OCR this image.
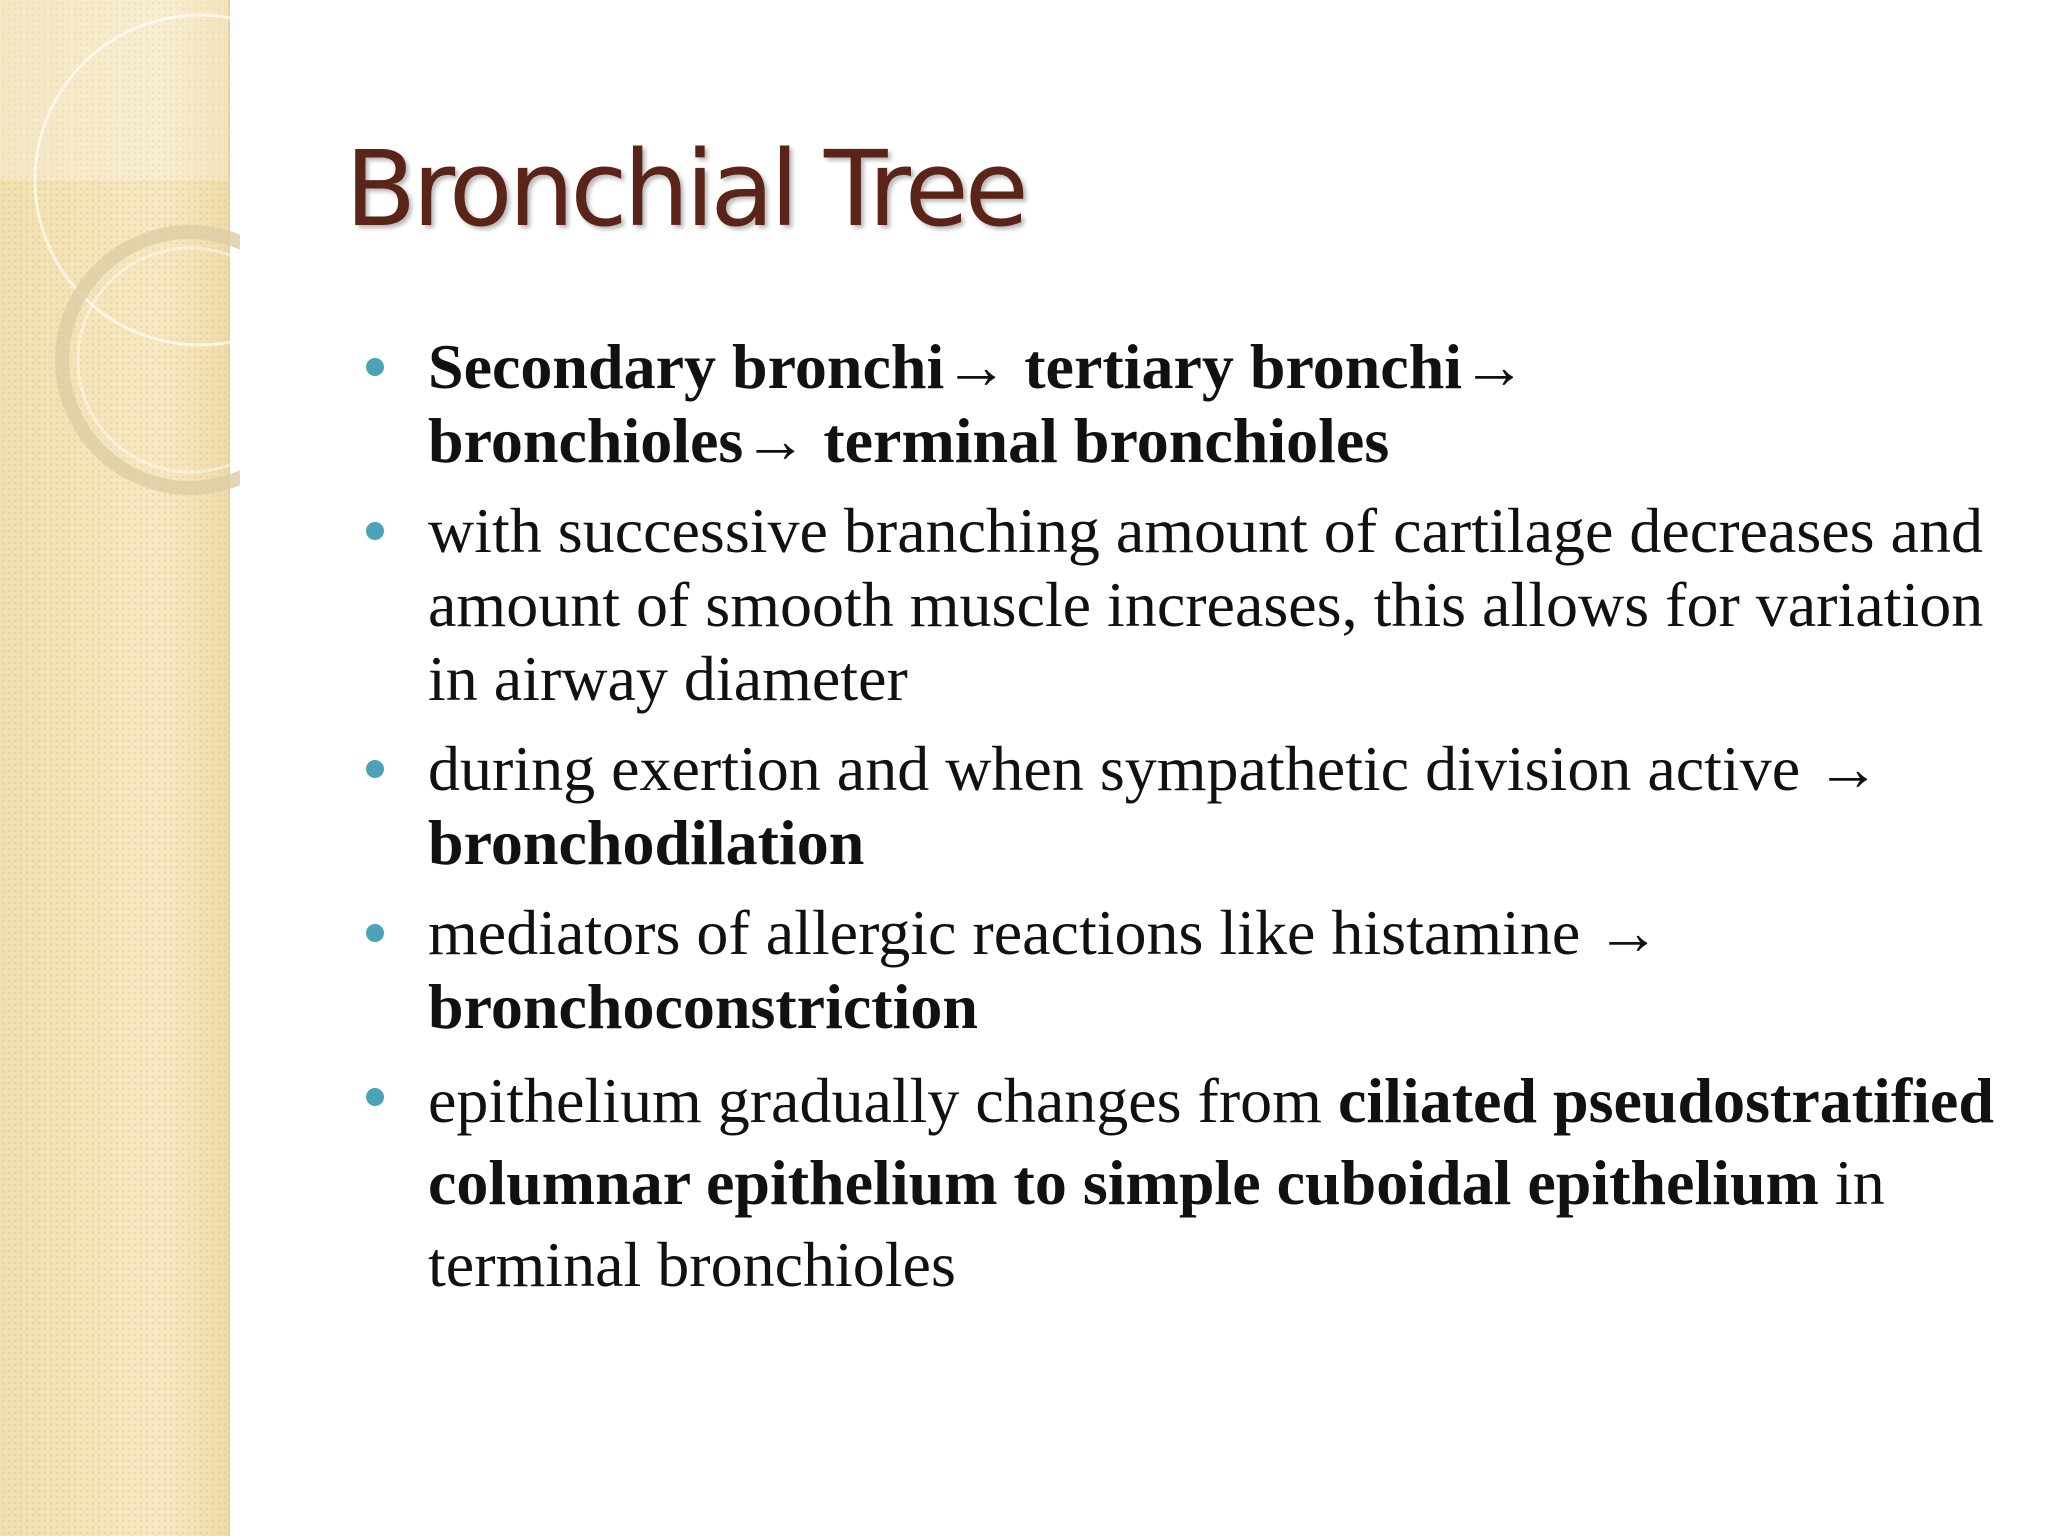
Bronchial Tree
Secondary bronchi→ tertiary bronchi→
bronchioles→ terminal bronchioles
with successive branching amount of cartilage decreases and amount of smooth muscle increases, this allows for variation in airway diameter
during exertion and when sympathetic division active →
bronchodilation
mediators of allergic reactions like histamine →
bronchoconstriction
epithelium gradually changes from ciliated pseudostratified columnar epithelium to simple cuboidal epithelium in terminal bronchioles
